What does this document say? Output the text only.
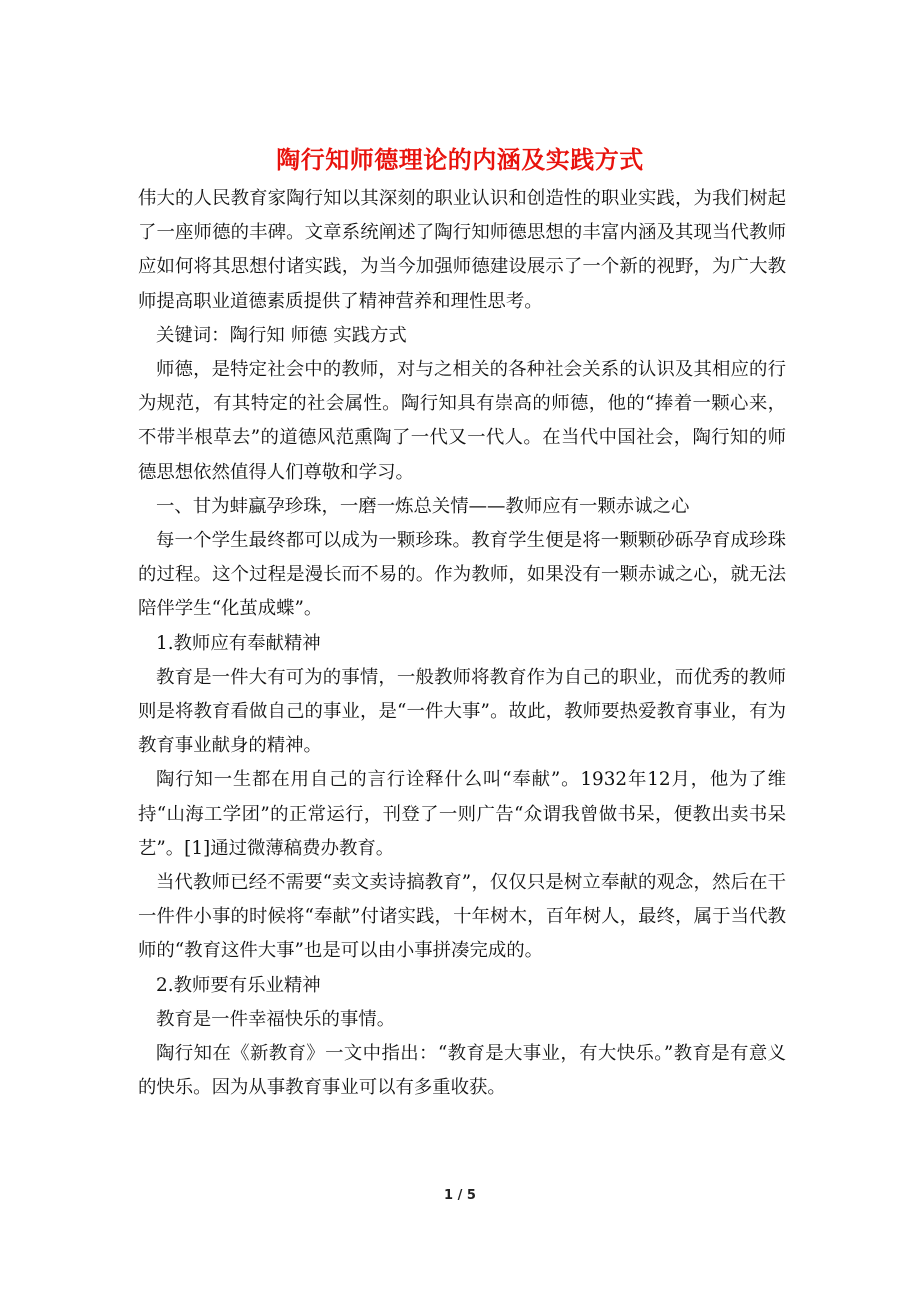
陶行知师德理论的内涵及实践方式

伟大的人民教育家陶行知以其深刻的职业认识和创造性的职业实践，为我们树起了一座师德的丰碑。文章系统阐述了陶行知师德思想的丰富内涵及其现当代教师应如何将其思想付诸实践，为当今加强师德建设展示了一个新的视野，为广大教师提高职业道德素质提供了精神营养和理性思考。

关键词：陶行知 师德 实践方式

师德，是特定社会中的教师，对与之相关的各种社会关系的认识及其相应的行为规范，有其特定的社会属性。陶行知具有崇高的师德，他的“捧着一颗心来，不带半根草去”的道德风范熏陶了一代又一代人。在当代中国社会，陶行知的师德思想依然值得人们尊敬和学习。

一、甘为蚌蠃孕珍珠，一磨一炼总关情——教师应有一颗赤诚之心

每一个学生最终都可以成为一颗珍珠。教育学生便是将一颗颗砂砾孕育成珍珠的过程。这个过程是漫长而不易的。作为教师，如果没有一颗赤诚之心，就无法陪伴学生“化茧成蝶”。

1.教师应有奉献精神

教育是一件大有可为的事情，一般教师将教育作为自己的职业，而优秀的教师则是将教育看做自己的事业，是“一件大事”。故此，教师要热爱教育事业，有为教育事业献身的精神。

陶行知一生都在用自己的言行诠释什么叫“奉献”。1932年12月，他为了维持“山海工学团”的正常运行，刊登了一则广告“众谓我曾做书呆，便教出卖书呆艺”。[1]通过微薄稿费办教育。

当代教师已经不需要“卖文卖诗搞教育”，仅仅只是树立奉献的观念，然后在干一件件小事的时候将“奉献”付诸实践，十年树木，百年树人，最终，属于当代教师的“教育这件大事”也是可以由小事拼凑完成的。

2.教师要有乐业精神

教育是一件幸福快乐的事情。

陶行知在《新教育》一文中指出：“教育是大事业，有大快乐。”教育是有意义的快乐。因为从事教育事业可以有多重收获。

1 / 5
